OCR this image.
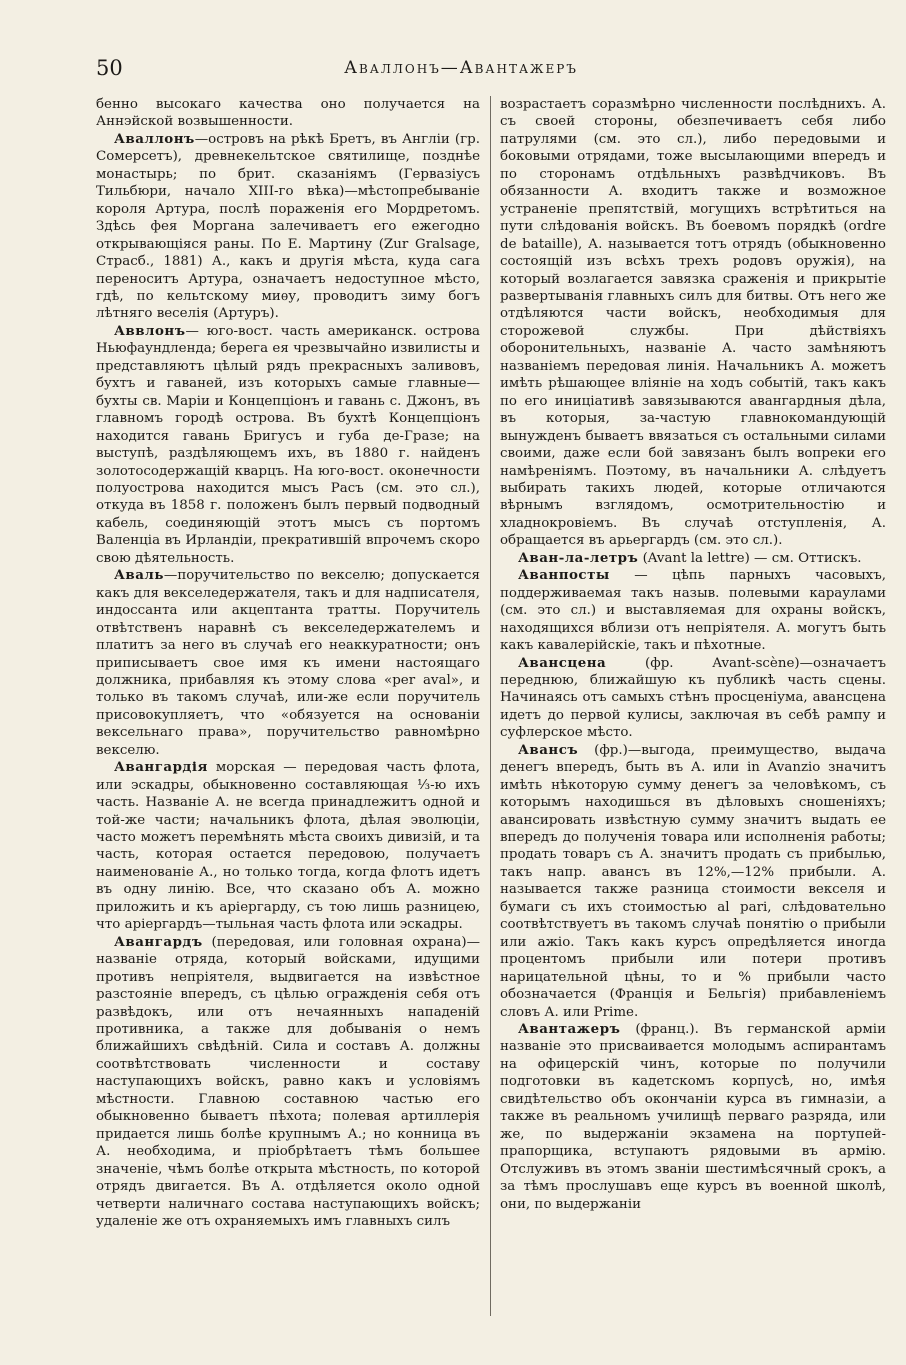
50	Аваллонъ—Авантажеръ

бенно высокаго качества оно получается на Аннэйской возвышенности.

Аваллонъ—островъ на рѣкѣ Бретъ, въ Англіи (гр. Сомерсетъ), древнекельтское святилище, позднѣе монастырь; по брит. сказаніямъ (Гервазіусъ Тильбюри, начало XIII-го вѣка)—мѣстопребываніе короля Артура, послѣ пораженія его Мордретомъ. Здѣсь фея Моргана залечиваетъ его ежегодно открывающіяся раны. По Е. Мартину (Zur Gralsage, Страсб., 1881) А., какъ и другія мѣста, куда сага переноситъ Артура, означаетъ недоступное мѣсто, гдѣ, по кельтскому миѳу, проводитъ зиму богъ лѣтняго веселія (Артуръ).

Аввлонъ— юго-вост. часть американск. острова Ньюфаундленда; берега ея чрезвычайно извилисты и представляютъ цѣлый рядъ прекрасныхъ заливовъ, бухтъ и гаваней, изъ которыхъ самые главные—бухты св. Маріи и Концепціонъ и гавань с. Джонъ, въ главномъ городѣ острова. Въ бухтѣ Концепціонъ находится гавань Бригусъ и губа де-Грaзе; на выступѣ, раздѣляющемъ ихъ, въ 1880 г. найденъ золотосодержащій кварцъ. На юго-вост. оконечности полуострова находится мысъ Расъ (см. это сл.), откуда въ 1858 г. положенъ былъ первый подводный кабель, соединяющій этотъ мысъ съ портомъ Валенціа въ Ирландіи, прекратившій впрочемъ скоро свою дѣятельность.

Аваль—поручительство по векселю; допускается какъ для векселедержателя, такъ и для надписателя, индоссанта или акцептанта тратты. Поручитель отвѣтственъ наравнѣ съ векселедержателемъ и платитъ за него въ случаѣ его неаккуратности; онъ приписываетъ свое имя къ имени настоящаго должника, прибавляя къ этому слова «per aval», и только въ такомъ случаѣ, или-же если поручитель присовокупляетъ, что «обязуется на основаніи вексельнаго права», поручительство равномѣрно векселю.

Авангардія морская — передовая часть флота, или эскадры, обыкновенно составляющая ⅓-ю ихъ часть. Названіе А. не всегда принадлежитъ одной и той-же части; начальникъ флота, дѣлая эволюціи, часто можетъ перемѣнять мѣста своихъ дивизій, и та часть, которая остается передовою, получаетъ наименованіе А., но только тогда, когда флотъ идетъ въ одну линію. Все, что сказано объ А. можно приложить и къ аріергарду, съ тою лишь разницею, что аріергардъ—тыльная часть флота или эскадры.

Авангардъ (передовая, или головная охрана)—названіе отряда, который войсками, идущими противъ непріятеля, выдвигается на извѣстное разстояніе впередъ, съ цѣлью огражденія себя отъ развѣдокъ, или отъ нечаянныхъ нападеній противника, а также для добыванія о немъ ближайшихъ свѣдѣній. Сила и составъ А. должны соотвѣтствовать численности и составу наступающихъ войскъ, равно какъ и условіямъ мѣстности. Главною составною частью его обыкновенно бываетъ пѣхота; полевая артиллерія придается лишь болѣе крупнымъ А.; но конница въ А. необходима, и пріобрѣтаетъ тѣмъ большее значеніе, чѣмъ болѣе открыта мѣстность, по которой отрядъ двигается. Въ А. отдѣляется около одной четверти наличнаго состава наступающихъ войскъ; удаленіе же отъ охраняемыхъ имъ главныхъ силъ

возрастаетъ соразмѣрно численности послѣднихъ. А. съ своей стороны, обезпечиваетъ себя либо патрулями (см. это сл.), либо передовыми и боковыми отрядами, тоже высылающими впередъ и по сторонамъ отдѣльныхъ развѣдчиковъ. Въ обязанности А. входитъ также и возможное устраненіе препятствій, могущихъ встрѣтиться на пути слѣдованія войскъ. Въ боевомъ порядкѣ (ordre de bataille), А. называется тотъ отрядъ (обыкновенно состоящій изъ всѣхъ трехъ родовъ оружія), на который возлагается завязка сраженія и прикрытіе развертыванія главныхъ силъ для битвы. Отъ него же отдѣляются части войскъ, необходимыя для сторожевой службы. При дѣйствіяхъ оборонительныхъ, названіе А. часто замѣняютъ названіемъ передовая линія. Начальникъ А. можетъ имѣть рѣшающее вліяніе на ходъ событій, такъ какъ по его иниціативѣ завязываются авангардныя дѣла, въ которыя, за-частую главнокомандующій вынужденъ бываетъ ввязаться съ остальными силами своими, даже если бой завязанъ былъ вопреки его намѣреніямъ. Поэтому, въ начальники А. слѣдуетъ выбирать такихъ людей, которые отличаются вѣрнымъ взглядомъ, осмотрительностію и хладнокровіемъ. Въ случаѣ отступленія, А. обращается въ арьергардъ (см. это сл.).

Аван-ла-летръ (Avant la lettre) — см. Оттискъ.

Аванпосты — цѣпь парныхъ часовыхъ, поддерживаемая такъ назыв. полевыми караулами (см. это сл.) и выставляемая для охраны войскъ, находящихся вблизи отъ непріятеля. А. могутъ быть какъ кавалерійскіе, такъ и пѣхотные.

Авансцена (фр. Avant-scène)—означаетъ переднюю, ближайшую къ публикѣ часть сцены. Начинаясь отъ самыхъ стѣнъ просценіума, авансцена идетъ до первой кулисы, заключая въ себѣ рампу и суфлерское мѣсто.

Авансъ (фр.)—выгода, преимущество, выдача денегъ впередъ, быть въ А. или in Avanzio значитъ имѣть нѣкоторую сумму денегъ за человѣкомъ, съ которымъ находишься въ дѣловыхъ сношеніяхъ; авансировать извѣстную сумму значитъ выдать ее впередъ до полученія товара или исполненія работы; продать товаръ съ А. значитъ продать съ прибылью, такъ напр. авансъ въ 12%,—12% прибыли. А. называется также разница стоимости векселя и бумаги съ ихъ стоимостью al pari, слѣдовательно соотвѣтствуетъ въ такомъ случаѣ понятію о прибыли или ажіо. Такъ какъ курсъ опредѣляется иногда процентомъ прибыли или потери противъ нарицательной цѣны, то и % прибыли часто обозначается (Франція и Бельгія) прибавленіемъ словъ А. или Prime.

Авантажеръ (франц.). Въ германской арміи названіе это присваивается молодымъ аспирантамъ на офицерскій чинъ, которые по получили подготовки въ кадетскомъ корпусѣ, но, имѣя свидѣтельство объ окончаніи курса въ гимназіи, а также въ реальномъ училищѣ перваго разряда, или же, по выдержаніи экзамена на портупей-прапорщика, вступаютъ рядовыми въ армію. Отслуживъ въ этомъ званіи шестимѣсячный срокъ, а за тѣмъ прослушавъ еще курсъ въ военной школѣ, они, по выдержаніи
